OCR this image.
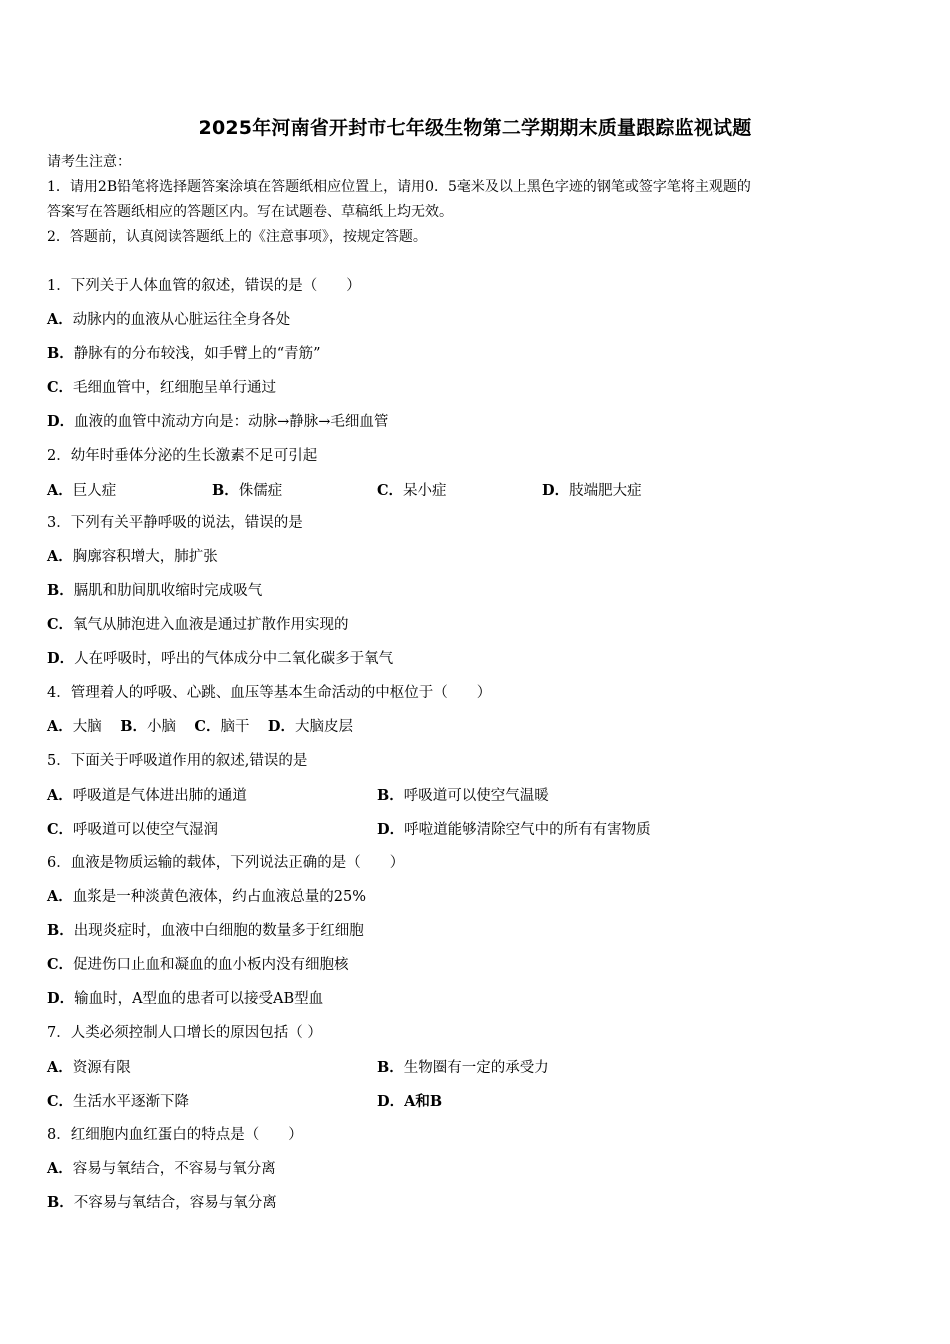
2025年河南省开封市七年级生物第二学期期末质量跟踪监视试题
请考生注意：
1．请用2B铅笔将选择题答案涂填在答题纸相应位置上，请用0．5毫米及以上黑色字迹的钢笔或签字笔将主观题的
答案写在答题纸相应的答题区内。写在试题卷、草稿纸上均无效。
2．答题前，认真阅读答题纸上的《注意事项》，按规定答题。
1．下列关于人体血管的叙述，错误的是（　　）
A．动脉内的血液从心脏运往全身各处
B．静脉有的分布较浅，如手臂上的“青筋”
C．毛细血管中，红细胞呈单行通过
D．血液的血管中流动方向是：动脉→静脉→毛细血管
2．幼年时垂体分泌的生长激素不足可引起
A．巨人症	B．侏儒症	C．呆小症	D．肢端肥大症
3．下列有关平静呼吸的说法，错误的是
A．胸廓容积增大，肺扩张
B．膈肌和肋间肌收缩时完成吸气
C．氧气从肺泡进入血液是通过扩散作用实现的
D．人在呼吸时，呼出的气体成分中二氧化碳多于氧气
4．管理着人的呼吸、心跳、血压等基本生命活动的中枢位于（　　）
A．大脑 B．小脑 C．脑干 D．大脑皮层
5．下面关于呼吸道作用的叙述,错误的是
A．呼吸道是气体进出肺的通道	B．呼吸道可以使空气温暖
C．呼吸道可以使空气湿润	D．呼啦道能够清除空气中的所有有害物质
6．血液是物质运输的载体，下列说法正确的是（　　）
A．血浆是一种淡黄色液体，约占血液总量的25%
B．出现炎症时，血液中白细胞的数量多于红细胞
C．促进伤口止血和凝血的血小板内没有细胞核
D．输血时，A型血的患者可以接受AB型血
7．人类必须控制人口增长的原因包括（ ）
A．资源有限	B．生物圈有一定的承受力
C．生活水平逐渐下降	D．A和B
8．红细胞内血红蛋白的特点是（　　）
A．容易与氧结合，不容易与氧分离
B．不容易与氧结合，容易与氧分离
